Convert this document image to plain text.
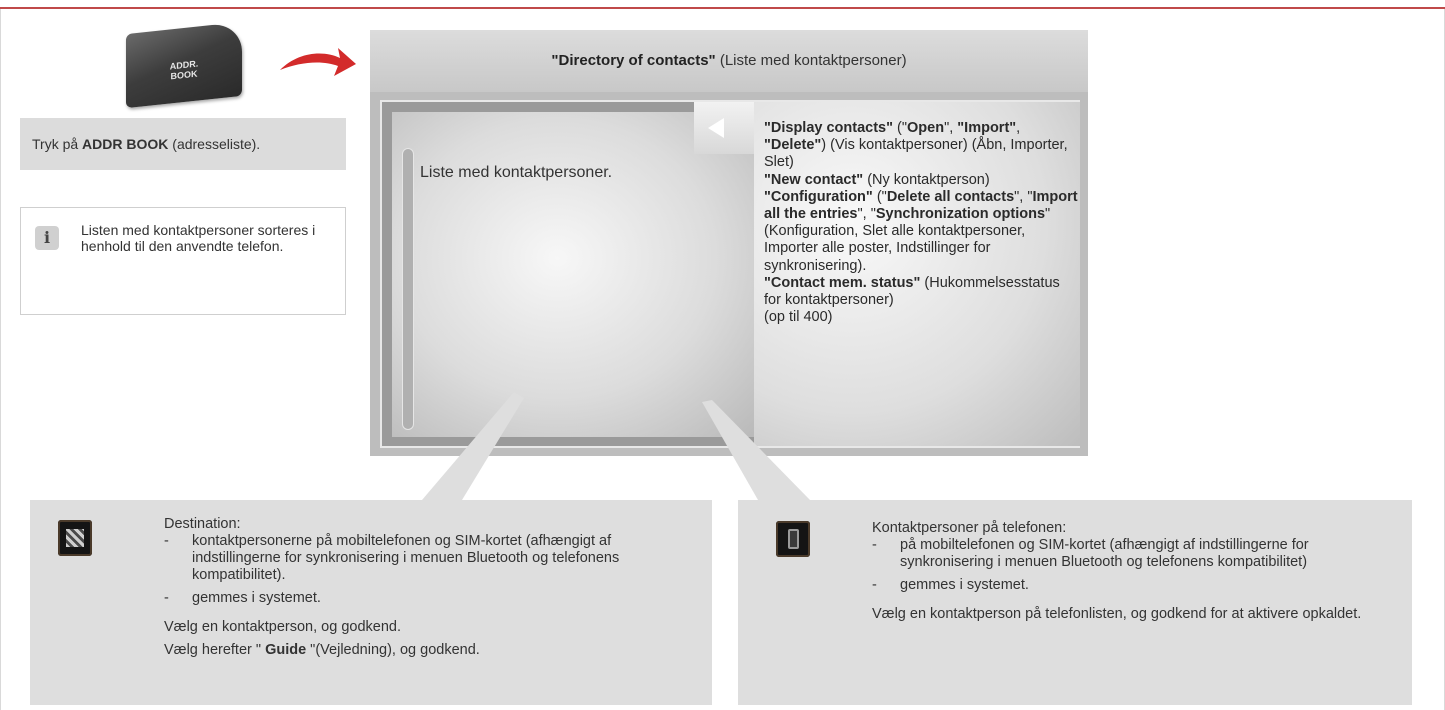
ADDR.
BOOK
Tryk på ADDR BOOK (adresseliste).
i	Listen med kontaktpersoner sorteres i henhold til den anvendte telefon.
"Directory of contacts" (Liste med kontaktpersoner)
Liste med kontaktpersoner.

"Display contacts" ("Open", "Import", "Delete") (Vis kontaktpersoner) (Åbn, Importer, Slet)

"New contact" (Ny kontaktperson)

"Configuration" ("Delete all contacts", "Import all the entries", "Synchronization options" (Konfiguration, Slet alle kontaktpersoner, Importer alle poster, Indstillinger for synkronisering).

"Contact mem. status" (Hukommelsesstatus for kontaktpersoner)

(op til 400)

Destination:
-	kontaktpersonerne på mobiltelefonen og SIM-kortet (afhængigt af indstillingerne for synkronisering i menuen Bluetooth og telefonens kompatibilitet).
-	gemmes i systemet.
Vælg en kontaktperson, og godkend.
Vælg herefter " Guide "(Vejledning), og godkend.
Kontaktpersoner på telefonen:
-	på mobiltelefonen og SIM-kortet (afhængigt af indstillingerne for synkronisering i menuen Bluetooth og telefonens kompatibilitet)
-	gemmes i systemet.
Vælg en kontaktperson på telefonlisten, og godkend for at aktivere opkaldet.
